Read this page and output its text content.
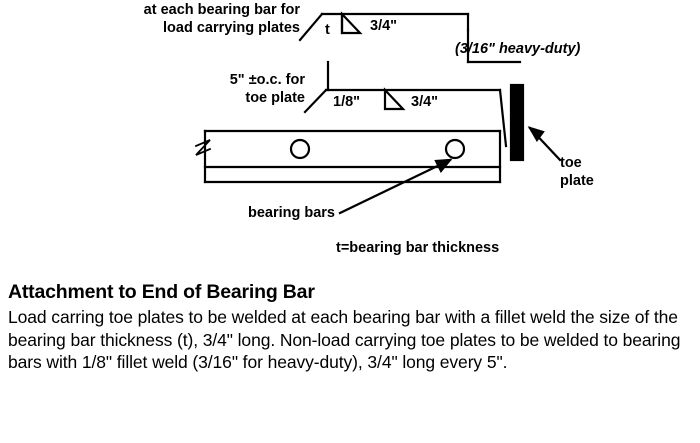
at each bearing bar for
load carrying plates t	3/4"
(3/16" heavy-duty)
5" ±o.c. for
toe plate 1/8"	3/4"
toe
plate
bearing bars
t=bearing bar thickness
Attachment to End of Bearing Bar

Load carring toe plates to be welded at each bearing bar with a fillet weld the size of the bearing bar thickness (t), 3/4" long. Non-load carrying toe plates to be welded to bearing bars with 1/8" fillet weld (3/16" for heavy-duty), 3/4" long every 5".
